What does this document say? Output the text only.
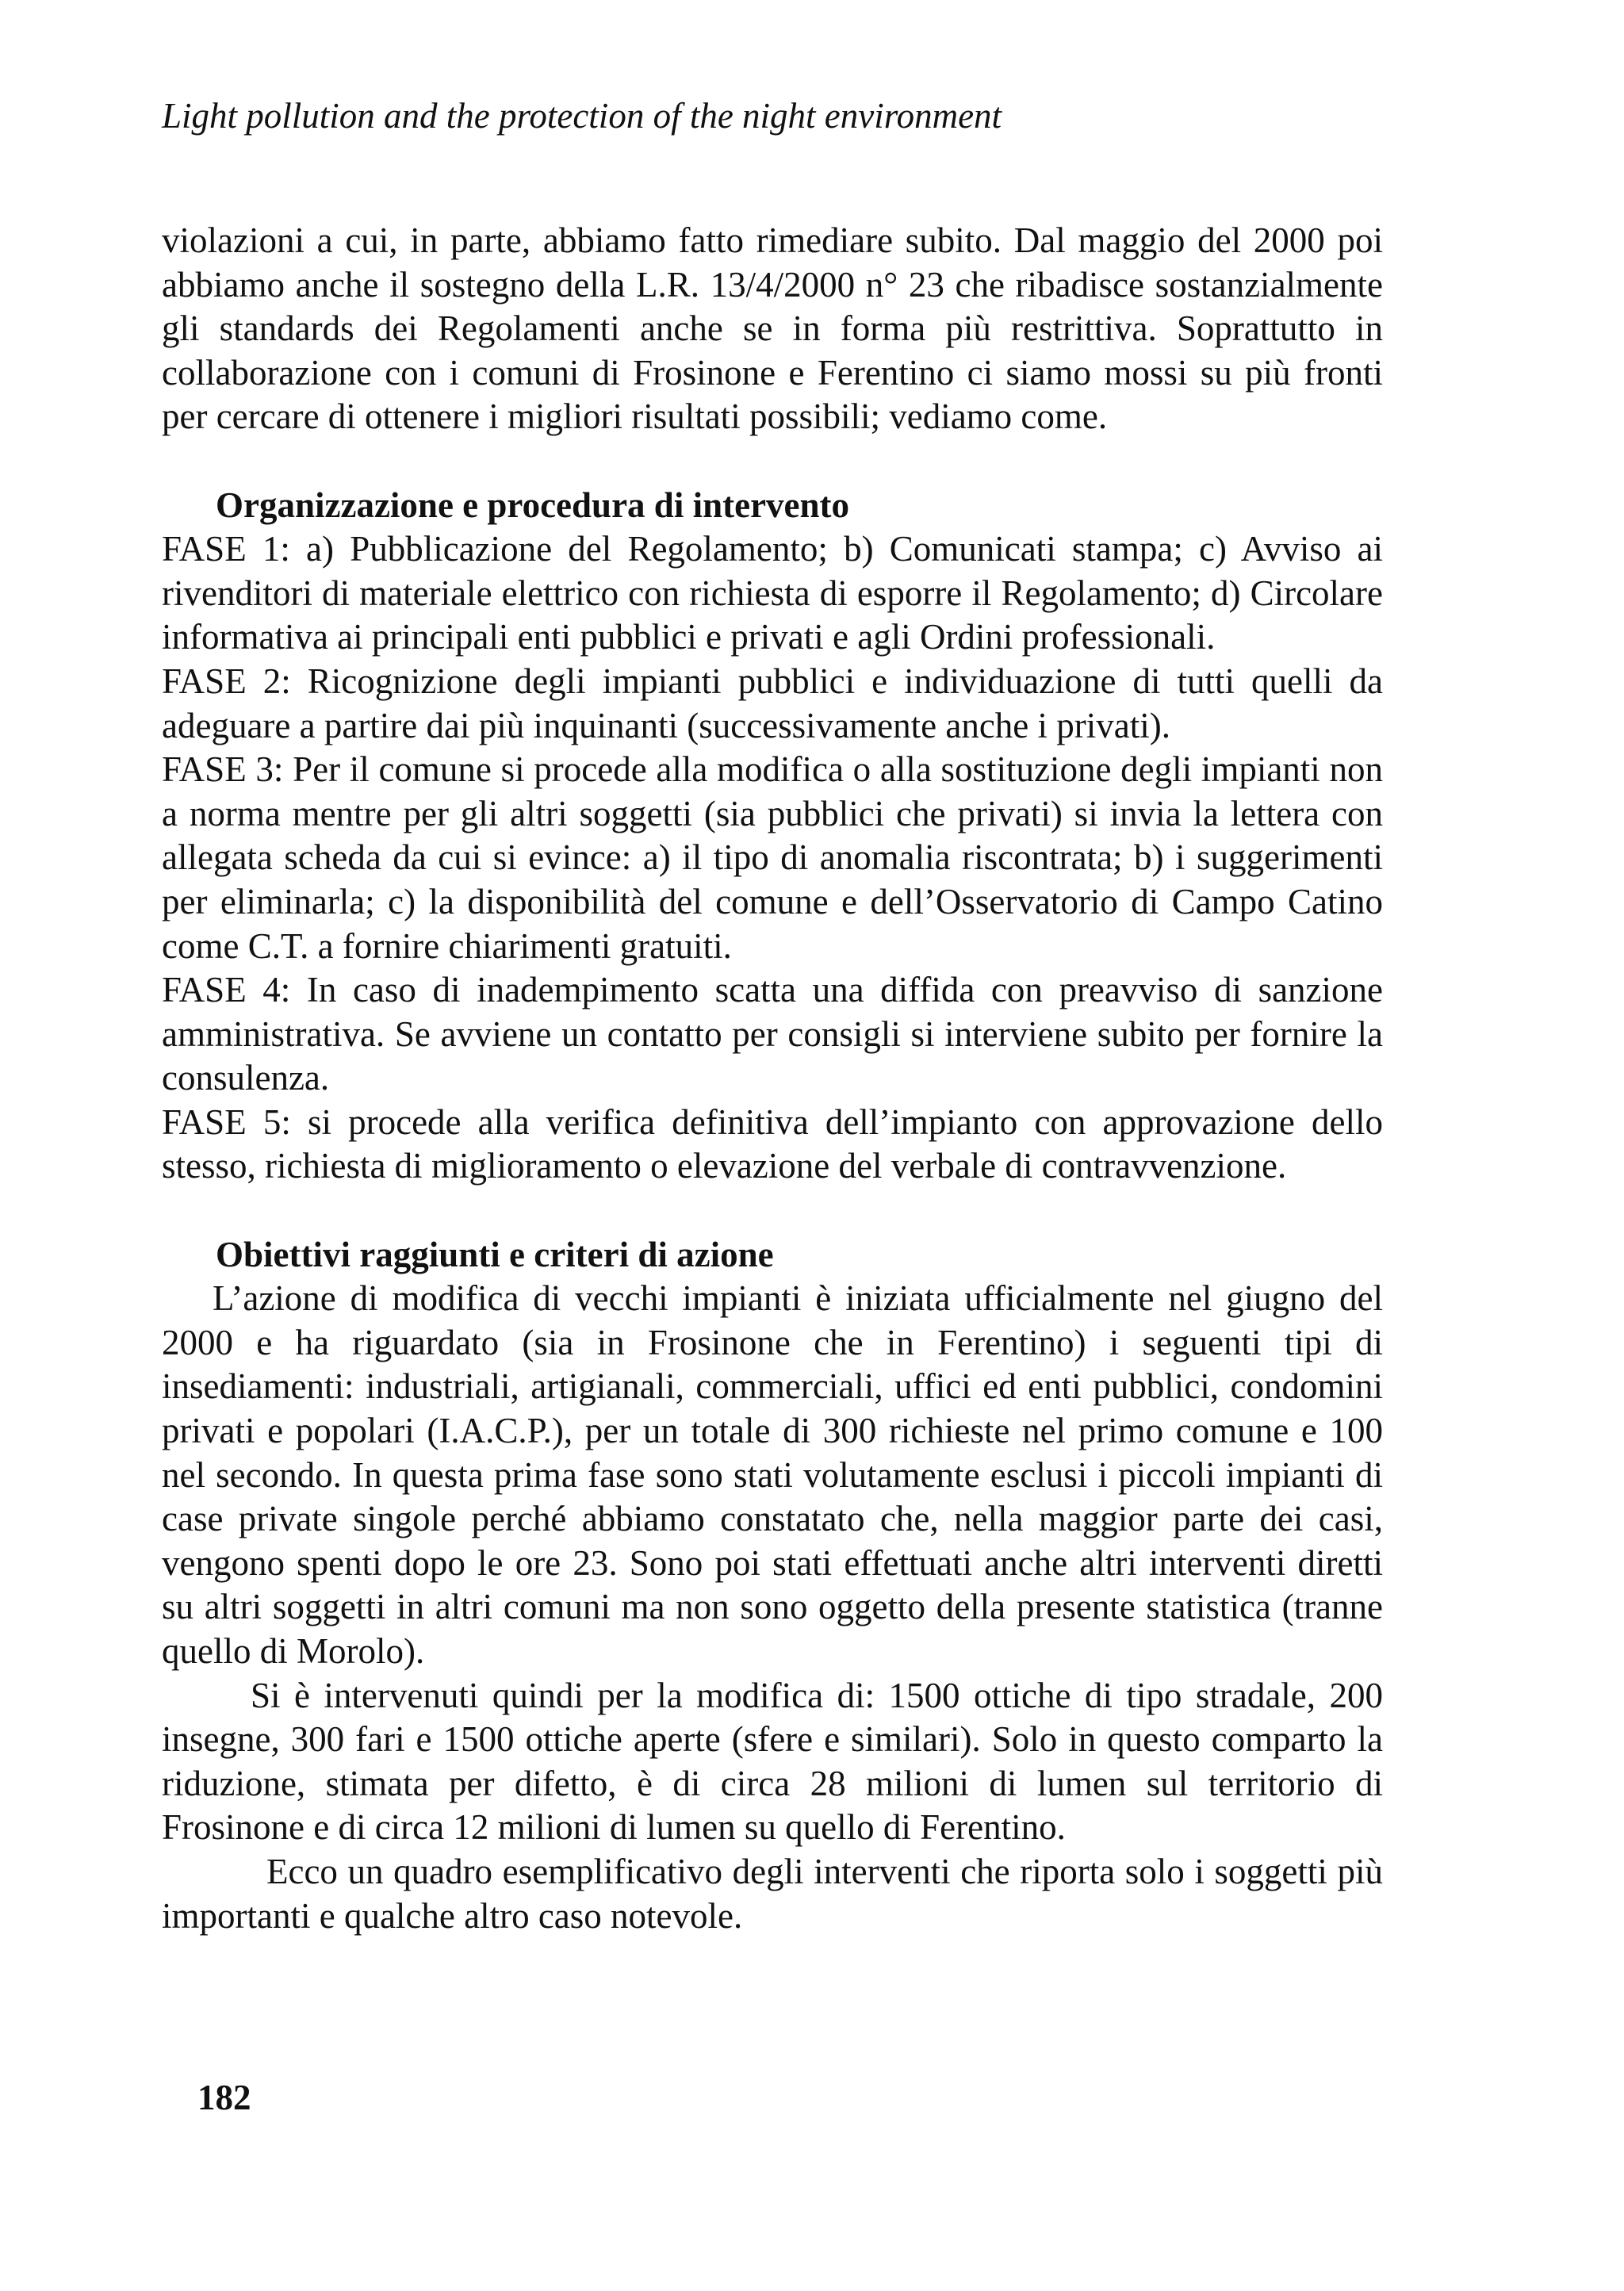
Light pollution and the protection of the night environment

violazioni a cui, in parte, abbiamo fatto rimediare subito. Dal maggio del 2000 poi abbiamo anche il sostegno della L.R. 13/4/2000 n° 23 che ribadisce sostanzialmente gli standards dei Regolamenti anche se in forma più restrittiva. Soprattutto in collaborazione con i comuni di Frosinone e Ferentino ci siamo mossi su più fronti per cercare di ottenere i migliori risultati possibili; vediamo come.

Organizzazione e procedura di intervento

FASE 1: a) Pubblicazione del Regolamento; b) Comunicati stampa; c) Avviso ai rivenditori di materiale elettrico con richiesta di esporre il Regolamento; d) Circolare informativa ai principali enti pubblici e privati e agli Ordini professionali.

FASE 2: Ricognizione degli impianti pubblici e individuazione di tutti quelli da adeguare a partire dai più inquinanti (successivamente anche i privati).

FASE 3: Per il comune si procede alla modifica o alla sostituzione degli impianti non a norma mentre per gli altri soggetti (sia pubblici che privati) si invia la lettera con allegata scheda da cui si evince: a) il tipo di anomalia riscontrata; b) i suggerimenti per eliminarla; c) la disponibilità del comune e dell’Osservatorio di Campo Catino come C.T. a fornire chiarimenti gratuiti.

FASE 4: In caso di inadempimento scatta una diffida con preavviso di sanzione amministrativa. Se avviene un contatto per consigli si interviene subito per fornire la consulenza.

FASE 5: si procede alla verifica definitiva dell’impianto con approvazione dello stesso, richiesta di miglioramento o elevazione del verbale di contravvenzione.

Obiettivi raggiunti e criteri di azione

L’azione di modifica di vecchi impianti è iniziata ufficialmente nel giugno del 2000 e ha riguardato (sia in Frosinone che in Ferentino) i seguenti tipi di insediamenti: industriali, artigianali, commerciali, uffici ed enti pubblici, condomini privati e popolari (I.A.C.P.), per un totale di 300 richieste nel primo comune e 100 nel secondo. In questa prima fase sono stati volutamente esclusi i piccoli impianti di case private singole perché abbiamo constatato che, nella maggior parte dei casi, vengono spenti dopo le ore 23. Sono poi stati effettuati anche altri interventi diretti su altri soggetti in altri comuni ma non sono oggetto della presente statistica (tranne quello di Morolo).

Si è intervenuti quindi per la modifica di: 1500 ottiche di tipo stradale, 200 insegne, 300 fari e 1500 ottiche aperte (sfere e similari). Solo in questo comparto la riduzione, stimata per difetto, è di circa 28 milioni di lumen sul territorio di Frosinone e di circa 12 milioni di lumen su quello di Ferentino.

Ecco un quadro esemplificativo degli interventi che riporta solo i soggetti più importanti e qualche altro caso notevole.

182
